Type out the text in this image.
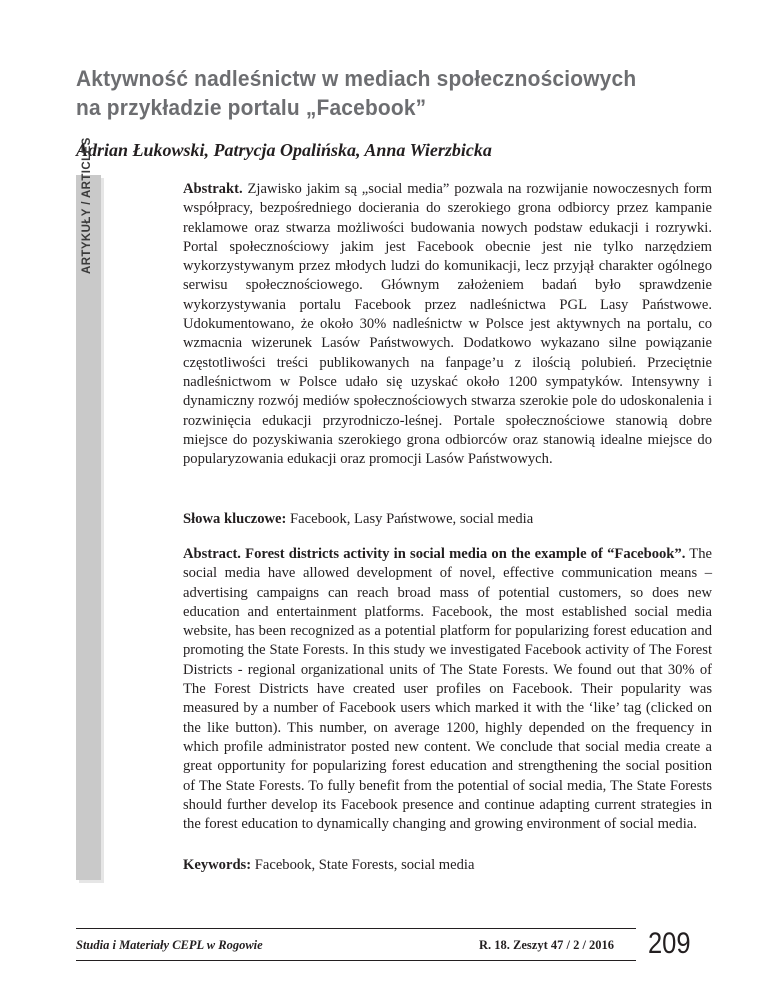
Aktywność nadleśnictw w mediach społecznościowych na przykładzie portalu „Facebook”
Adrian Łukowski, Patrycja Opalińska, Anna Wierzbicka
ARTYKUŁY / ARTICLES	Abstrakt. Zjawisko jakim są „social media” pozwala na rozwijanie nowoczesnych form współpracy, bezpośredniego docierania do szerokiego grona odbiorcy przez kampanie reklamowe oraz stwarza możliwości budowania nowych podstaw edukacji i rozrywki. Portal społecznościowy jakim jest Facebook obecnie jest nie tylko narzędziem wykorzystywanym przez młodych ludzi do komunikacji, lecz przyjął charakter ogólnego serwisu społecznościowego. Głównym założeniem badań było sprawdzenie wykorzystywania portalu Facebook przez nadleśnictwa PGL Lasy Państwowe. Udokumentowano, że około 30% nadleśnictw w Polsce jest aktywnych na portalu, co wzmacnia wizerunek Lasów Państwowych. Dodatkowo wykazano silne powiązanie częstotliwości treści publikowanych na fanpage’u z ilością polubień. Przeciętnie nadleśnictwom w Polsce udało się uzyskać około 1200 sympatyków. Intensywny i dynamiczny rozwój mediów społecznościowych stwarza szerokie pole do udoskonalenia i rozwinięcia edukacji przyrodniczo-leśnej. Portale społecznościowe stanowią dobre miejsce do pozyskiwania szerokiego grona odbiorców oraz stanowią idealne miejsce do popularyzowania edukacji oraz promocji Lasów Państwowych.
Słowa kluczowe: Facebook, Lasy Państwowe, social media
Abstract. Forest districts activity in social media on the example of “Facebook”. The social media have allowed development of novel, effective communication means – advertising campaigns can reach broad mass of potential customers, so does new education and entertainment platforms. Facebook, the most established social media website, has been recognized as a potential platform for popularizing forest education and promoting the State Forests. In this study we investigated Facebook activity of The Forest Districts - regional organizational units of The State Forests. We found out that 30% of The Forest Districts have created user profiles on Facebook. Their popularity was measured by a number of Facebook users which marked it with the ‘like’ tag (clicked on the like button). This number, on average 1200, highly depended on the frequency in which profile administrator posted new content. We conclude that social media create a great opportunity for popularizing forest education and strengthening the social position of The State Forests. To fully benefit from the potential of social media, The State Forests should further develop its Facebook presence and continue adapting current strategies in the forest education to dynamically changing and growing environment of social media.
Keywords: Facebook, State Forests, social media
Studia i Materiały CEPL w Rogowie	R. 18. Zeszyt 47 / 2 / 2016 209
